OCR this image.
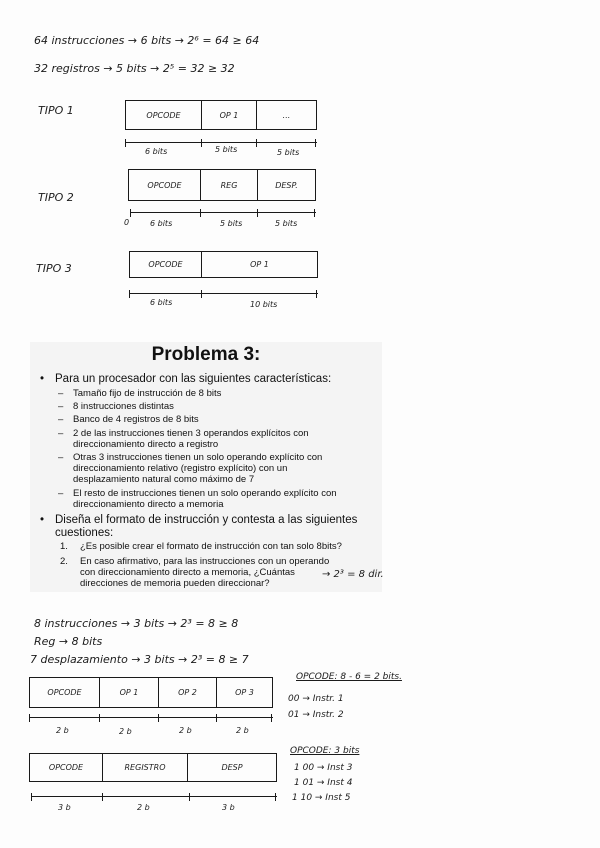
64 instrucciones → 6 bits → 2⁶ = 64 ≥ 64
32 registros → 5 bits → 2⁵ = 32 ≥ 32
TIPO 1	OPCODE	OP 1	...
6 bits	5 bits	5 bits
TIPO 2
OPCODE	REG	DESP.
0	6 bits	5 bits	5 bits
TIPO 3	OPCODE	OP 1
6 bits	10 bits
Problema 3:
• Para un procesador con las siguientes características:
– Tamaño fijo de instrucción de 8 bits
– 8 instrucciones distintas
– Banco de 4 registros de 8 bits
– 2 de las instrucciones tienen 3 operandos explícitos con
direccionamiento directo a registro
– Otras 3 instrucciones tienen un solo operando explícito con
direccionamiento relativo (registro explícito) con un
desplazamiento natural como máximo de 7
– El resto de instrucciones tienen un solo operando explícito con
direccionamiento directo a memoria
• Diseña el formato de instrucción y contesta a las siguientes
cuestiones:
1. ¿Es posible crear el formato de instrucción con tan solo 8bits?
2. En caso afirmativo, para las instrucciones con un operando
con direccionamiento directo a memoria, ¿Cuántas
direcciones de memoria pueden direccionar?
→ 2³ = 8 dir.
8 instrucciones → 3 bits → 2³ = 8 ≥ 8
Reg → 8 bits
7 desplazamiento → 3 bits → 2³ = 8 ≥ 7
OPCODE	OP 1	OP 2	OP 3
2 b	2 b	2 b	2 b
OPCODE: 8 - 6 = 2 bits.
00 → Instr. 1
01 → Instr. 2
OPCODE	REGISTRO	DESP
3 b	2 b	3 b
OPCODE: 3 bits
1 00 → Inst 3
1 01 → Inst 4
1 10 → Inst 5
